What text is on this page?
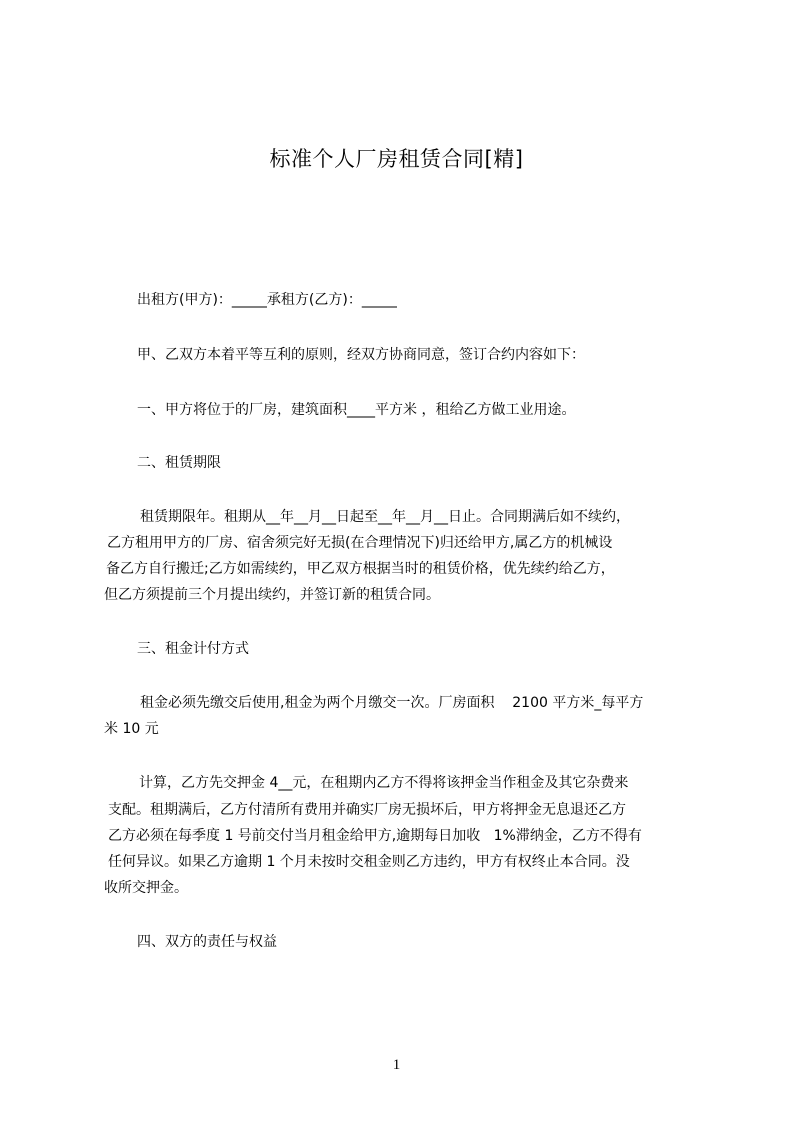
标准个人厂房租赁合同[精]
出租方(甲方)：_____承租方(乙方)：_____
甲、乙双方本着平等互利的原则，经双方协商同意，签订合约内容如下：
一、甲方将位于的厂房，建筑面积____平方米 ，租给乙方做工业用途。
二、租赁期限
租赁期限年。租期从__年__月__日起至__年__月__日止。合同期满后如不续约，
乙方租用甲方的厂房、宿舍须完好无损(在合理情况下)归还给甲方,属乙方的机械设
备乙方自行搬迁;乙方如需续约，甲乙双方根据当时的租赁价格，优先续约给乙方，
但乙方须提前三个月提出续约，并签订新的租赁合同。
三、租金计付方式
租金必须先缴交后使用,租金为两个月缴交一次。厂房面积    2100 平方米_每平方
米 10 元
计算，乙方先交押金 4__元，在租期内乙方不得将该押金当作租金及其它杂费来
支配。租期满后，乙方付清所有费用并确实厂房无损坏后，甲方将押金无息退还乙方
乙方必须在每季度 1 号前交付当月租金给甲方,逾期每日加收   1%滞纳金，乙方不得有
任何异议。如果乙方逾期 1 个月未按时交租金则乙方违约，甲方有权终止本合同。没
收所交押金。
四、双方的责任与权益
1
